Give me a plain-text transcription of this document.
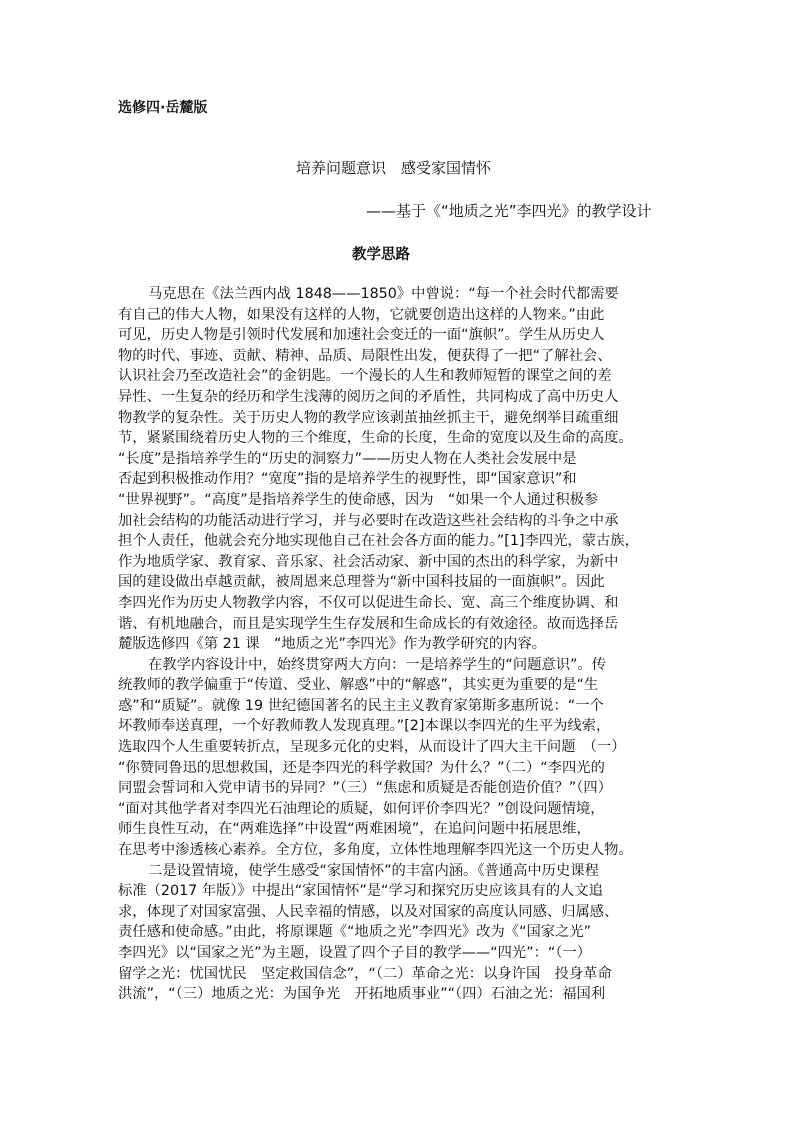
选修四·岳麓版
培养问题意识　感受家国情怀
——基于《“地质之光”李四光》的教学设计
教学思路
马克思在《法兰西内战 1848——1850》中曾说：“每一个社会时代都需要
有自己的伟大人物，如果没有这样的人物，它就要创造出这样的人物来。”由此
可见，历史人物是引领时代发展和加速社会变迁的一面“旗帜”。学生从历史人
物的时代、事迹、贡献、精神、品质、局限性出发，便获得了一把“了解社会、
认识社会乃至改造社会”的金钥匙。一个漫长的人生和教师短暂的课堂之间的差
异性、一生复杂的经历和学生浅薄的阅历之间的矛盾性，共同构成了高中历史人
物教学的复杂性。关于历史人物的教学应该剥茧抽丝抓主干，避免纲举目疏重细
节，紧紧围绕着历史人物的三个维度，生命的长度，生命的宽度以及生命的高度。
“长度”是指培养学生的“历史的洞察力”——历史人物在人类社会发展中是
否起到积极推动作用？“宽度”指的是培养学生的视野性，即“国家意识”和
“世界视野”。“高度”是指培养学生的使命感，因为　“如果一个人通过积极参
加社会结构的功能活动进行学习，并与必要时在改造这些社会结构的斗争之中承
担个人责任，他就会充分地实现他自己在社会各方面的能力。”[1]李四光，蒙古族，
作为地质学家、教育家、音乐家、社会活动家、新中国的杰出的科学家，为新中
国的建设做出卓越贡献，被周恩来总理誉为“新中国科技届的一面旗帜”。因此
李四光作为历史人物教学内容，不仅可以促进生命长、宽、高三个维度协调、和
谐、有机地融合，而且是实现学生生存发展和生命成长的有效途径。故而选择岳
麓版选修四《第 21 课　“地质之光”李四光》作为教学研究的内容。
在教学内容设计中，始终贯穿两大方向：一是培养学生的“问题意识”。传
统教师的教学偏重于“传道、受业、解惑”中的“解惑”，其实更为重要的是“生
惑”和“质疑”。就像 19 世纪德国著名的民主主义教育家第斯多惠所说：“一个
坏教师奉送真理，一个好教师教人发现真理。”[2]本课以李四光的生平为线索，
选取四个人生重要转折点，呈现多元化的史料，从而设计了四大主干问题　（一）
“你赞同鲁迅的思想救国，还是李四光的科学救国？为什么？”（二）“李四光的
同盟会誓词和入党申请书的异同？”（三）“焦虑和质疑是否能创造价值？”（四）
“面对其他学者对李四光石油理论的质疑，如何评价李四光？”创设问题情境，
师生良性互动，在“两难选择”中设置“两难困境”，在追问问题中拓展思维，
在思考中渗透核心素养。全方位，多角度，立体性地理解李四光这一个历史人物。
二是设置情境，使学生感受“家国情怀”的丰富内涵。《普通高中历史课程
标准（2017 年版）》中提出“家国情怀”是“学习和探究历史应该具有的人文追
求，体现了对国家富强、人民幸福的情感，以及对国家的高度认同感、归属感、
责任感和使命感。”由此，将原课题《“地质之光”李四光》改为《“国家之光”
李四光》以“国家之光”为主题，设置了四个子目的教学——“四光”：“（一）
留学之光：忧国忧民　坚定救国信念”，“（二）革命之光：以身许国　投身革命
洪流”，“（三）地质之光：为国争光　开拓地质事业”“（四）石油之光：福国利
